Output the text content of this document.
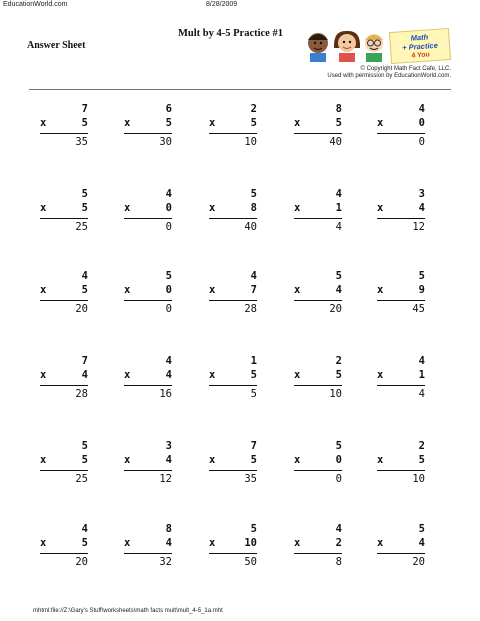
EducationWorld.com	8/28/2009
Answer Sheet
Mult by 4-5 Practice #1	Math
+ Practice
4 You
© Copyright Math Fact Cafe, LLC.
Used with permission by EducationWorld.com.
7
x	5
35
6
x	5
30
2
x	5
10
8
x	5
40
4
x	0
0
5
x	5
25
4
x	0
0
5
x	8
40
4
x	1
4
3
x	4
12
4
x	5
20
5
x	0
0
4
x	7
28
5
x	4
20
5
x	9
45
7
x	4
28
4
x	4
16
1
x	5
5
2
x	5
10
4
x	1
4
5
x	5
25
3
x	4
12
7
x	5
35
5
x	0
0
2
x	5
10
4
x	5
20
8
x	4
32
5
x	10
50
4
x	2
8
5
x	4
20
mhtml:file://Z:\Gary's Stuff\worksheets\math facts mult\mult_4-5_1a.mht
